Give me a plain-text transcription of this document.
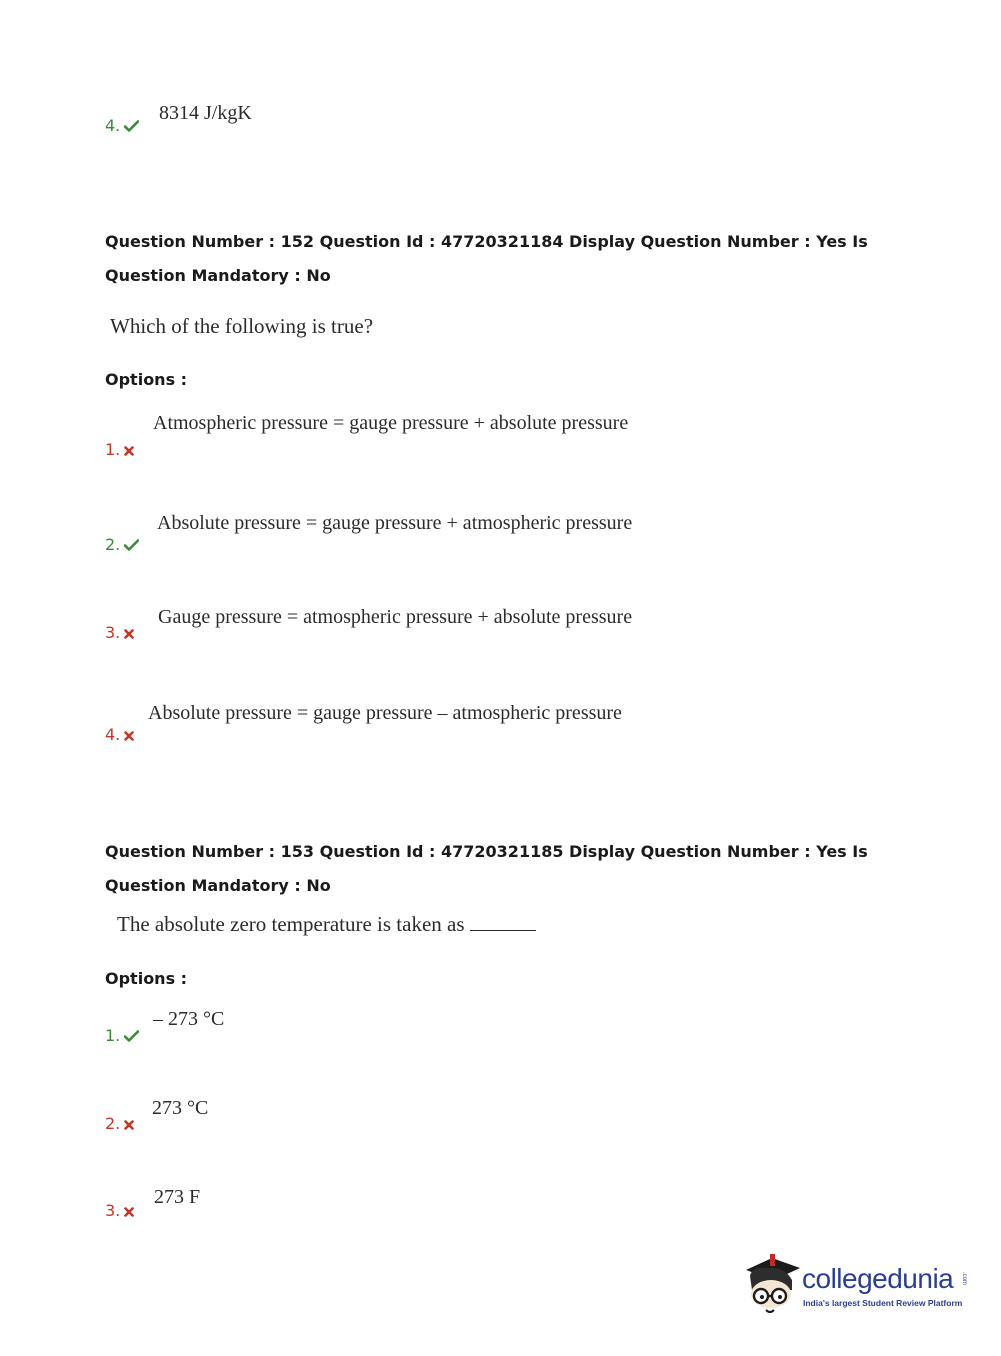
4.
8314 J/kgK
Question Number : 152 Question Id : 47720321184 Display Question Number : Yes Is Question Mandatory : No
Which of the following is true?
Options :
1.
Atmospheric pressure = gauge pressure + absolute pressure
2.
Absolute pressure = gauge pressure + atmospheric pressure
3.
Gauge pressure = atmospheric pressure + absolute pressure
4.
Absolute pressure = gauge pressure – atmospheric pressure
Question Number : 153 Question Id : 47720321185 Display Question Number : Yes Is Question Mandatory : No
The absolute zero temperature is taken as
Options :
1.
– 273 °C
2.
273 °C
3.
273 F
collegedunia .com
India's largest Student Review Platform
